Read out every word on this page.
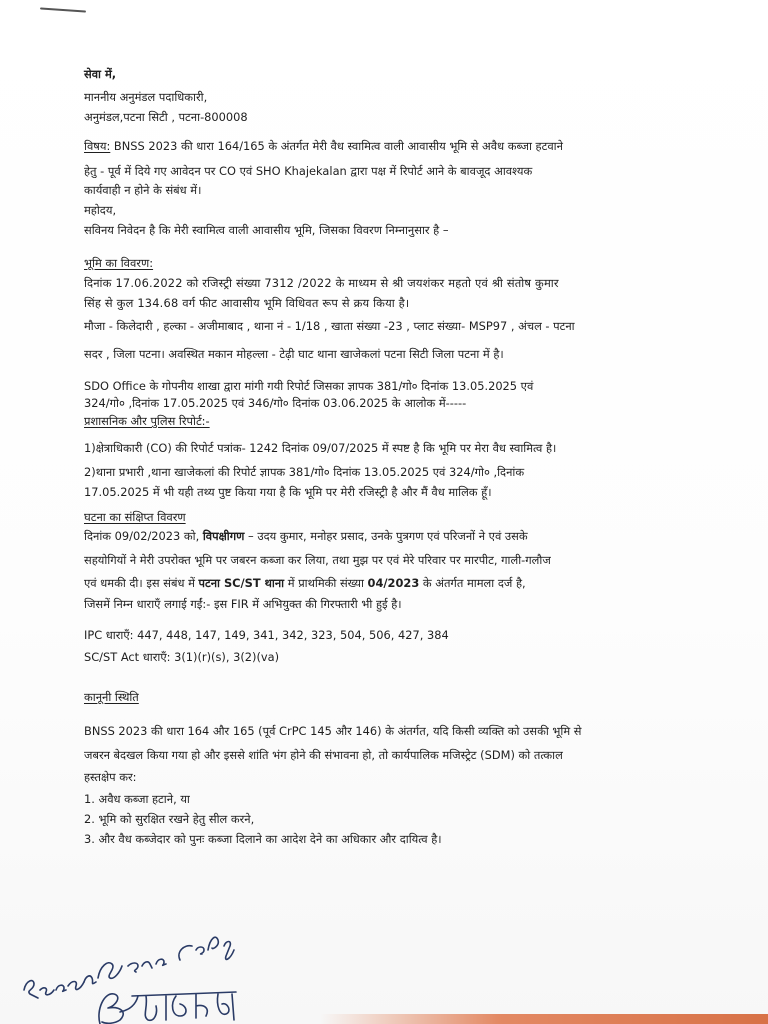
सेवा में,
माननीय अनुमंडल पदाधिकारी,
अनुमंडल,पटना सिटी , पटना-800008
विषय: BNSS 2023 की धारा 164/165 के अंतर्गत मेरी वैध स्वामित्व वाली आवासीय भूमि से अवैध कब्जा हटवाने
हेतु - पूर्व में दिये गए आवेदन पर CO एवं SHO Khajekalan द्वारा पक्ष में रिपोर्ट आने के बावजूद आवश्यक
कार्यवाही न होने के संबंध में।
महोदय,
सविनय निवेदन है कि मेरी स्वामित्व वाली आवासीय भूमि, जिसका विवरण निम्नानुसार है –
भूमि का विवरण:
दिनांक 17.06.2022 को रजिस्ट्री संख्या 7312 /2022 के माध्यम से श्री जयशंकर महतो एवं श्री संतोष कुमार
सिंह से कुल 134.68 वर्ग फीट आवासीय भूमि विधिवत रूप से क्रय किया है।
मौजा - किलेदारी , हल्का - अजीमाबाद , थाना नं - 1/18 , खाता संख्या -23 , प्लाट संख्या- MSP97 , अंचल - पटना
सदर , जिला पटना। अवस्थित मकान मोहल्ला - टेढ़ी घाट थाना खाजेकलां पटना सिटी जिला पटना में है।
SDO Office के गोपनीय शाखा द्वारा मांगी गयी रिपोर्ट जिसका ज्ञापक 381/गो० दिनांक 13.05.2025 एवं
324/गो० ,दिनांक 17.05.2025 एवं 346/गो० दिनांक 03.06.2025 के आलोक में-----
प्रशासनिक और पुलिस रिपोर्ट:-
1)क्षेत्राधिकारी (CO) की रिपोर्ट पत्रांक- 1242 दिनांक 09/07/2025 में स्पष्ट है कि भूमि पर मेरा वैध स्वामित्व है।
2)थाना प्रभारी ,थाना खाजेकलां की रिपोर्ट ज्ञापक 381/गो० दिनांक 13.05.2025 एवं 324/गो० ,दिनांक
17.05.2025 में भी यही तथ्य पुष्ट किया गया है कि भूमि पर मेरी रजिस्ट्री है और मैं वैध मालिक हूँ।
घटना का संक्षिप्त विवरण
दिनांक 09/02/2023 को, विपक्षीगण – उदय कुमार, मनोहर प्रसाद, उनके पुत्रगण एवं परिजनों ने एवं उसके
सहयोगियों ने मेरी उपरोक्त भूमि पर जबरन कब्जा कर लिया, तथा मुझ पर एवं मेरे परिवार पर मारपीट, गाली-गलौज
एवं धमकी दी। इस संबंध में पटना SC/ST थाना में प्राथमिकी संख्या 04/2023 के अंतर्गत मामला दर्ज है,
जिसमें निम्न धाराएँ लगाई गईं:- इस FIR में अभियुक्त की गिरफ्तारी भी हुई है।
IPC धाराएँ: 447, 448, 147, 149, 341, 342, 323, 504, 506, 427, 384
SC/ST Act धाराएँ: 3(1)(r)(s), 3(2)(va)
कानूनी स्थिति
BNSS 2023 की धारा 164 और 165 (पूर्व CrPC 145 और 146) के अंतर्गत, यदि किसी व्यक्ति को उसकी भूमि से
जबरन बेदखल किया गया हो और इससे शांति भंग होने की संभावना हो, तो कार्यपालिक मजिस्ट्रेट (SDM) को तत्काल
हस्तक्षेप कर:
1. अवैध कब्जा हटाने, या
2. भूमि को सुरक्षित रखने हेतु सील करने,
3. और वैध कब्जेदार को पुनः कब्जा दिलाने का आदेश देने का अधिकार और दायित्व है।
